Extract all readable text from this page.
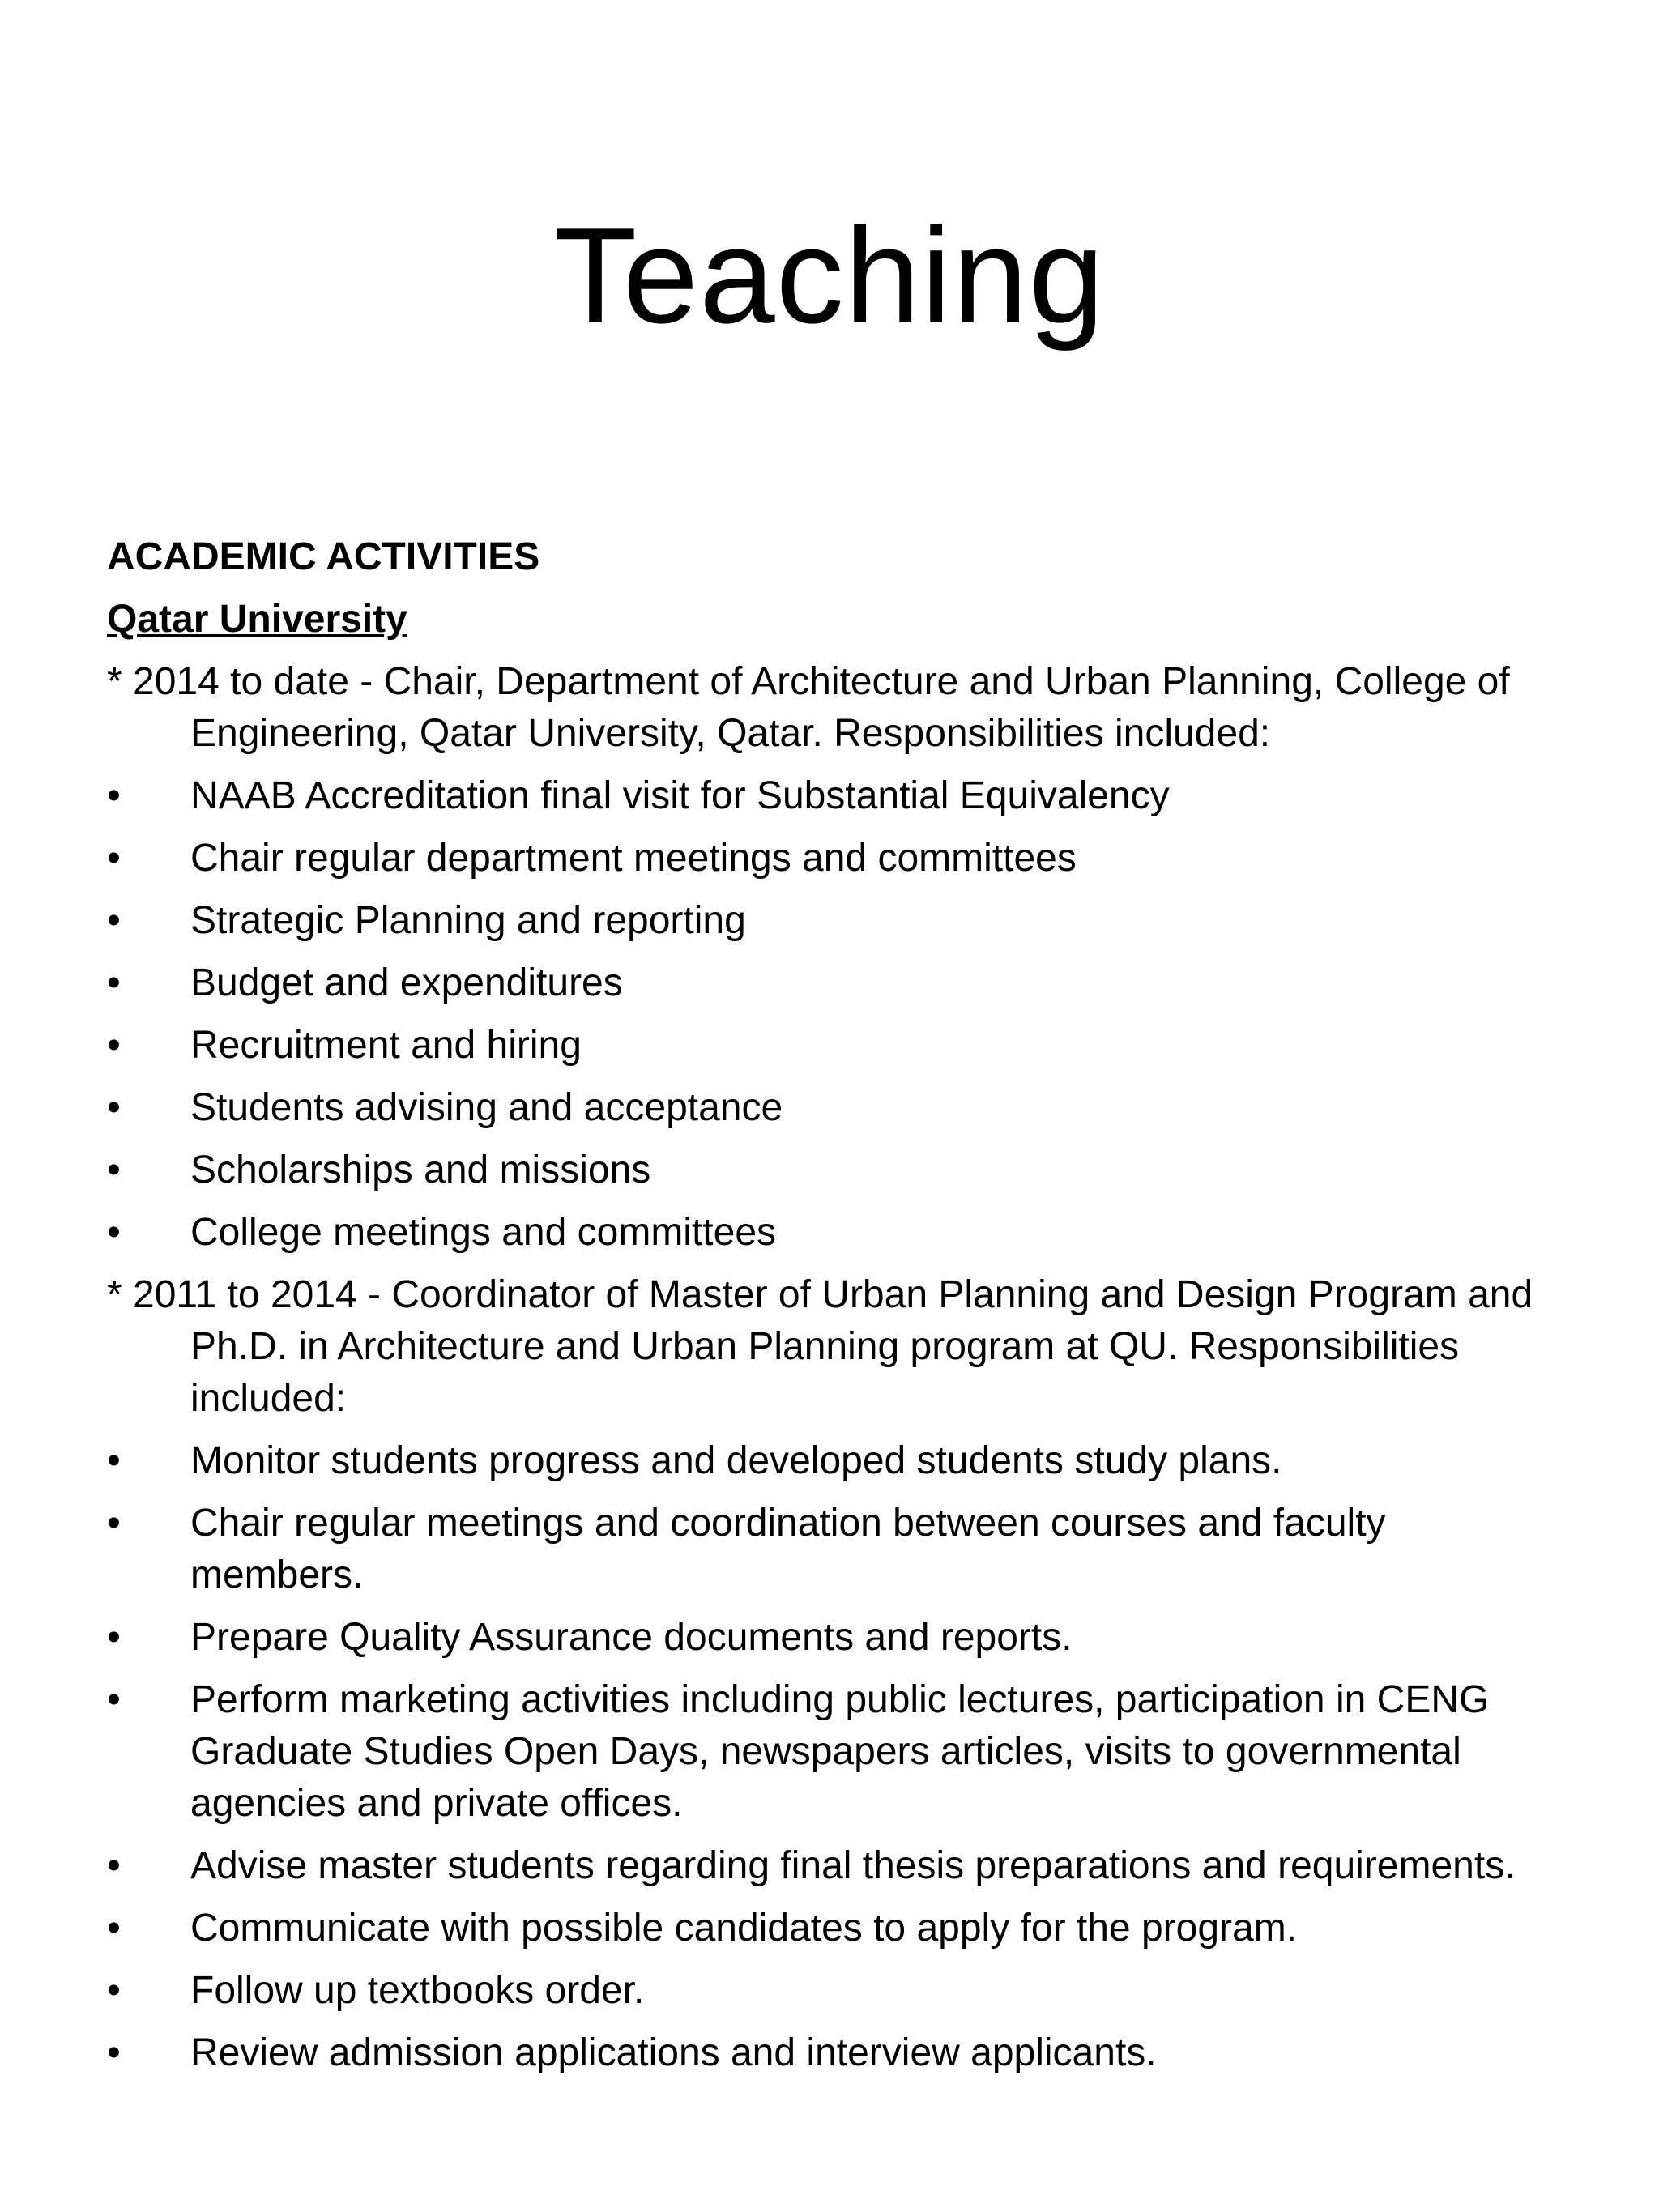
Teaching
ACADEMIC ACTIVITIES
Qatar University
* 2014 to date - Chair, Department of Architecture and Urban Planning, College of Engineering, Qatar University, Qatar. Responsibilities included:
•	NAAB Accreditation final visit for Substantial Equivalency
•	Chair regular department meetings and committees
•	Strategic Planning and reporting
•	Budget and expenditures
•	Recruitment and hiring
•	Students advising and acceptance
•	Scholarships and missions
•	College meetings and committees
* 2011 to 2014 - Coordinator of Master of Urban Planning and Design Program and Ph.D. in Architecture and Urban Planning program at QU. Responsibilities included:
•	Monitor students progress and developed students study plans.
•	Chair regular meetings and coordination between courses and faculty members.
•	Prepare Quality Assurance documents and reports.
•	Perform marketing activities including public lectures, participation in CENG Graduate Studies Open Days, newspapers articles, visits to governmental agencies and private offices.
•	Advise master students regarding final thesis preparations and requirements.
•	Communicate with possible candidates to apply for the program.
•	Follow up textbooks order.
•	Review admission applications and interview applicants.
